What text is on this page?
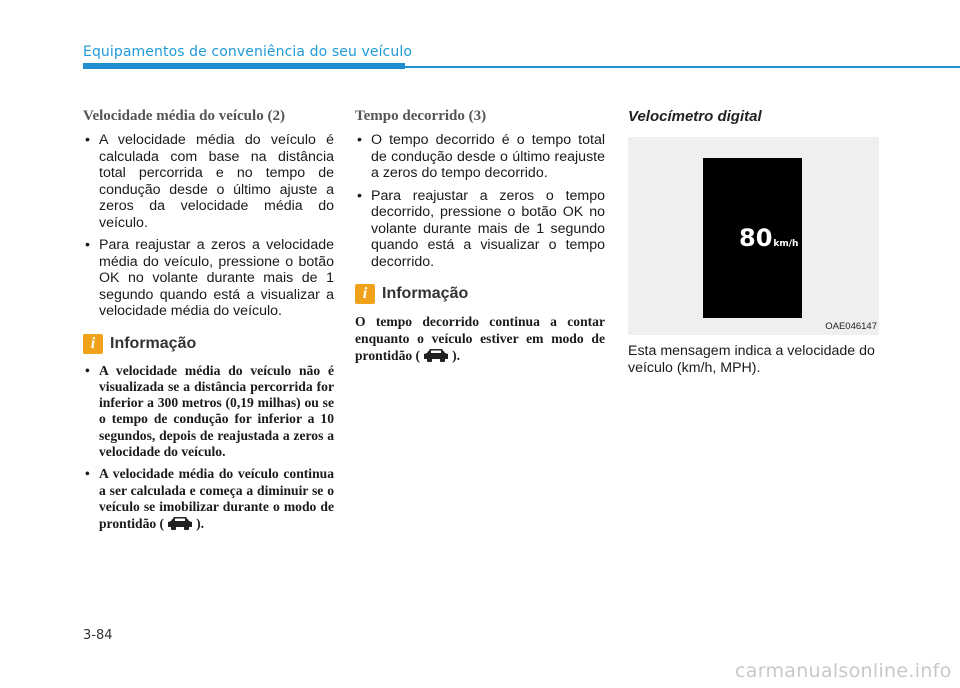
Equipamentos de conveniência do seu veículo
Velocidade média do veículo (2)
• A velocidade média do veículo é calculada com base na distância total percorrida e no tempo de condução desde o último ajuste a zeros da velocidade média do veículo.
• Para reajustar a zeros a velocidade média do veículo, pressione o botão OK no volante durante mais de 1 segundo quando está a visualizar a velocidade média do veículo.
i Informação
• A velocidade média do veículo não é visualizada se a distância percorrida for inferior a 300 metros (0,19 milhas) ou se o tempo de condução for inferior a 10 segundos, depois de reajustada a zeros a velocidade do veículo.
• A velocidade média do veículo continua a ser calculada e começa a diminuir se o veículo se imobilizar durante o modo de prontidão ( ).
Tempo decorrido (3)
• O tempo decorrido é o tempo total de condução desde o último reajuste a zeros do tempo decorrido.
• Para reajustar a zeros o tempo decorrido, pressione o botão OK no volante durante mais de 1 segundo quando está a visualizar o tempo decorrido.
i Informação

O tempo decorrido continua a contar enquanto o veículo estiver em modo de prontidão ( ).

Velocímetro digital
80km/h
OAE046147

Esta mensagem indica a velocidade do veículo (km/h, MPH).

3-84
carmanualsonline.info
